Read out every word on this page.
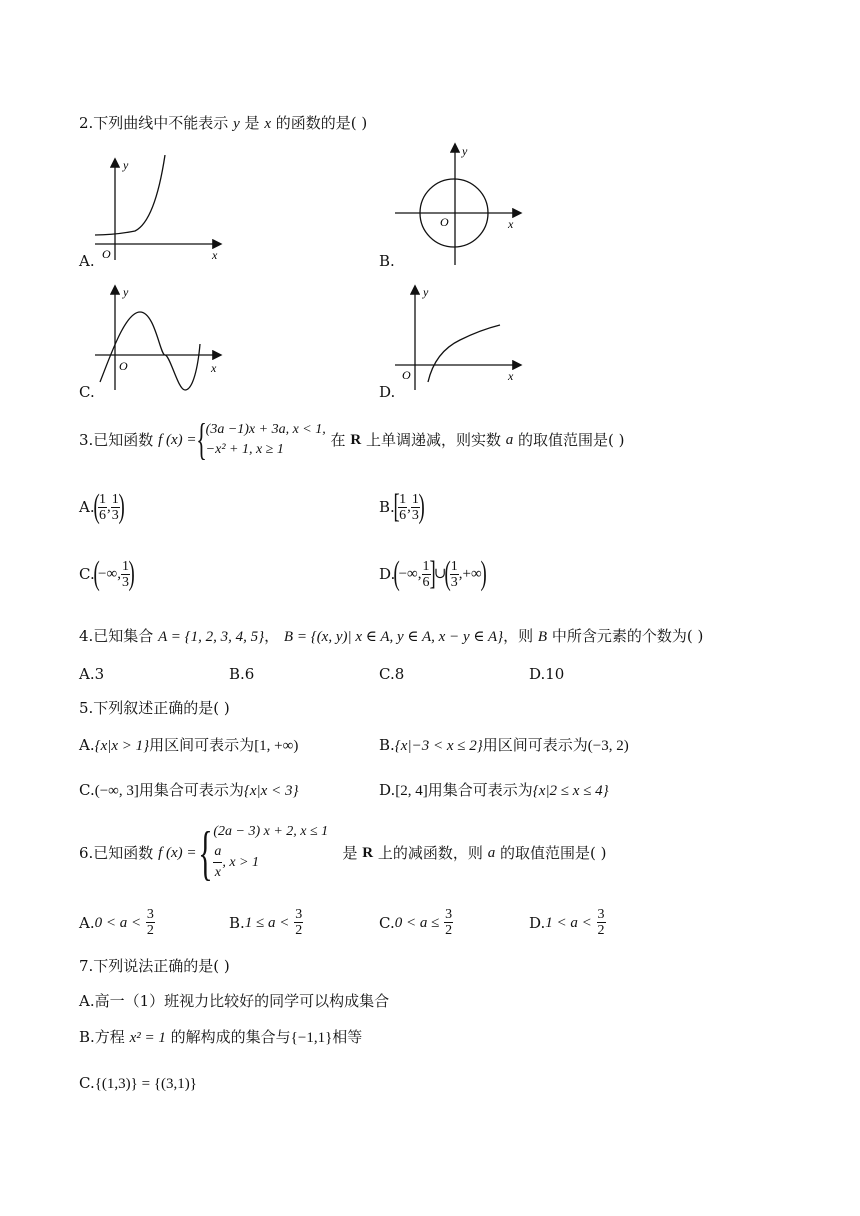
2.下列曲线中不能表示 y 是 x 的函数的是( )
y
x
O
A.
y
x
O
B.
y
x
O
C.
y
x
O
D.
3.已知函数
f (x) = { (3a −1)x + 3a, x < 1,
−x² + 1, x ≥ 1

在
R
上单调递减，则实数
a
的取值范围是( )
A.
(
$\frac{1}{6}$ , $\frac{1}{3}$
)	B.
[
$\frac{1}{6}$ , $\frac{1}{3}$
)
C.
(
−∞, $\frac{1}{3}$
)	D.
(
−∞, $\frac{1}{6}$
]
∪
(
$\frac{1}{3}$ ,+∞
)
4.已知集合 A = {1, 2, 3, 4, 5}， B = {(x, y)| x ∈ A, y ∈ A, x − y ∈ A}，则 B 中所含元素的个数为( )
A.3	B.6	C.8	D.10
5.下列叙述正确的是( )
A.{x|x > 1}用区间可表示为[1, +∞)	B.{x|−3 < x ≤ 2}用区间可表示为(−3, 2)
C.(−∞, 3]用集合可表示为{x|x < 3}	D.[2, 4]用集合可表示为{x|2 ≤ x ≤ 4}
6.已知函数
f (x) = { (2a − 3) x + 2, x ≤ 1
$\frac{a}{x}$ , x > 1

是
R
上的减函数，则
a
的取值范围是( )
A. 0 < a <
$\frac{3}{2}$	B. 1 ≤ a <
$\frac{3}{2}$	C. 0 < a ≤
$\frac{3}{2}$	D. 1 < a <
$\frac{3}{2}$
7.下列说法正确的是( )
A.高一（1）班视力比较好的同学可以构成集合
B.方程 x² = 1 的解构成的集合与{−1,1}相等
C.{(1,3)} = {(3,1)}
